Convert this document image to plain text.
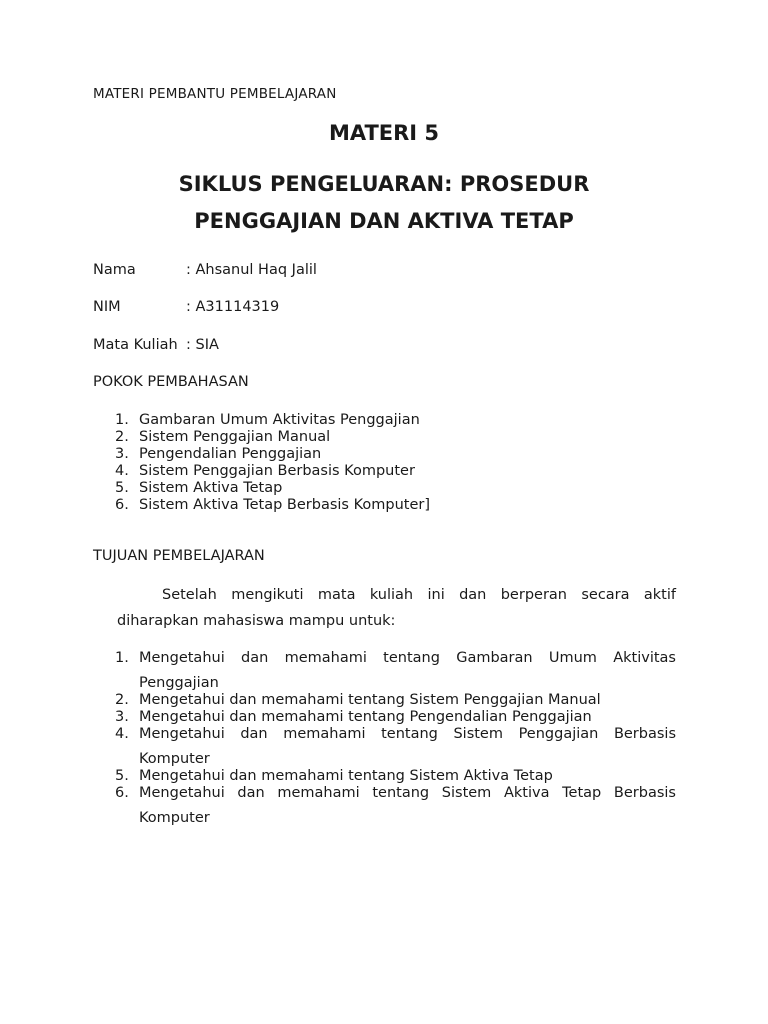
MATERI PEMBANTU PEMBELAJARAN
MATERI 5
SIKLUS PENGELUARAN: PROSEDUR
PENGGAJIAN DAN AKTIVA TETAP
Nama	: Ahsanul Haq Jalil
NIM	: A31114319
Mata Kuliah : SIA
POKOK PEMBAHASAN
1. Gambaran Umum Aktivitas Penggajian
2. Sistem Penggajian Manual
3. Pengendalian Penggajian
4. Sistem Penggajian Berbasis Komputer
5. Sistem Aktiva Tetap
6. Sistem Aktiva Tetap Berbasis Komputer]
TUJUAN PEMBELAJARAN

Setelah mengikuti mata kuliah ini dan berperan secara aktif diharapkan mahasiswa mampu untuk:

1. Mengetahui dan memahami tentang Gambaran Umum Aktivitas Penggajian
2. Mengetahui dan memahami tentang Sistem Penggajian Manual
3. Mengetahui dan memahami tentang Pengendalian Penggajian
4. Mengetahui dan memahami tentang Sistem Penggajian Berbasis Komputer
5. Mengetahui dan memahami tentang Sistem Aktiva Tetap
6. Mengetahui dan memahami tentang Sistem Aktiva Tetap Berbasis Komputer
